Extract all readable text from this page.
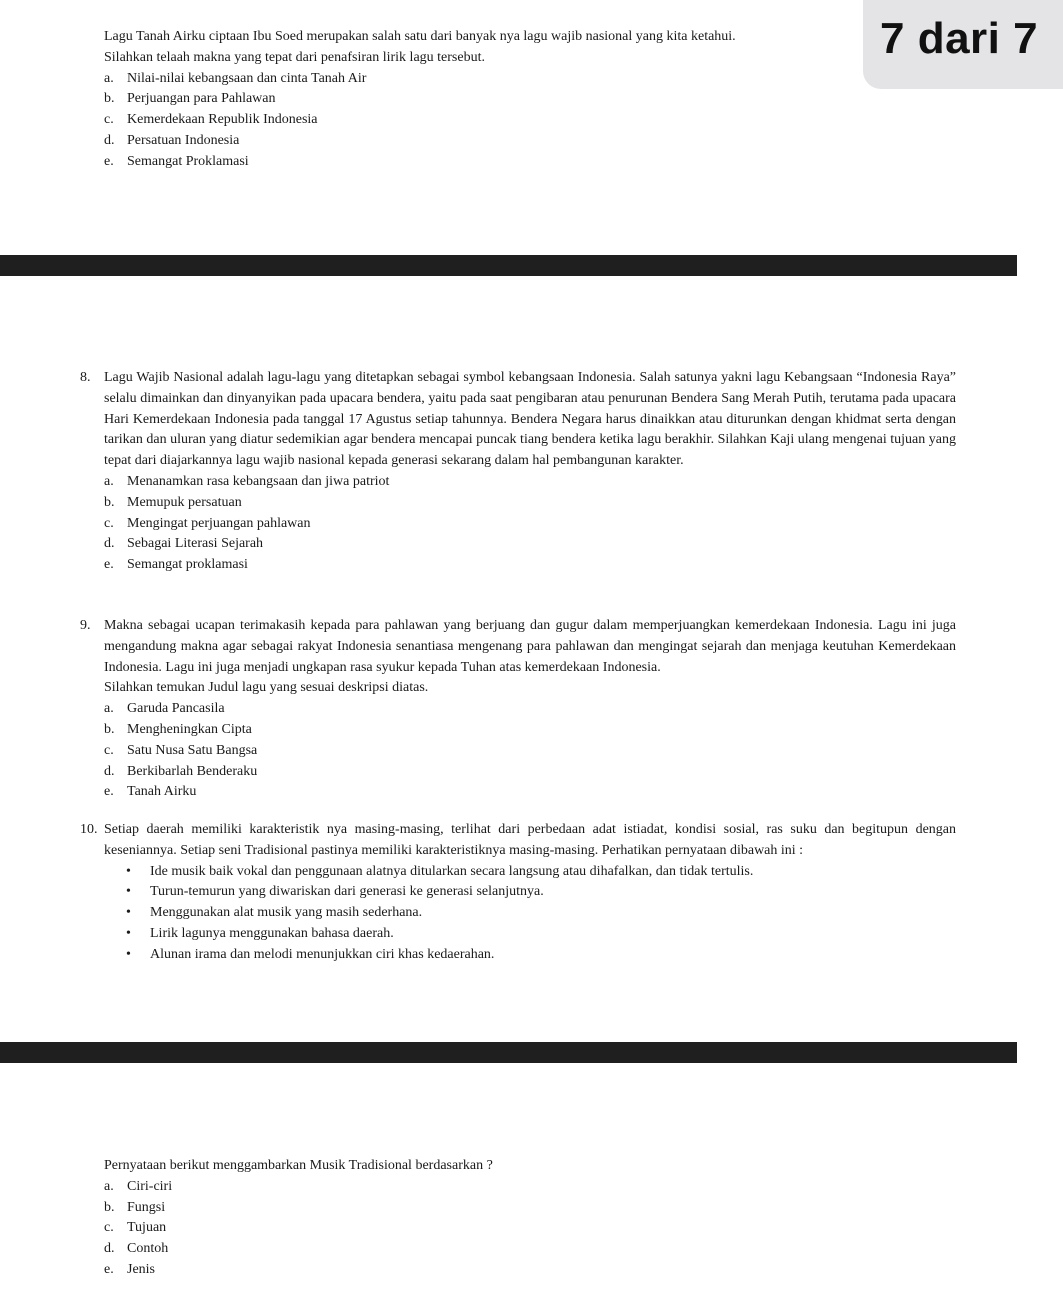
7 dari 7

Lagu Tanah Airku ciptaan Ibu Soed merupakan salah satu dari banyak nya lagu wajib nasional yang kita ketahui.

Silahkan telaah makna yang tepat dari penafsiran lirik lagu tersebut.

a. Nilai-nilai kebangsaan dan cinta Tanah Air
b. Perjuangan para Pahlawan
c. Kemerdekaan Republik Indonesia
d. Persatuan Indonesia
e. Semangat Proklamasi
8. Lagu Wajib Nasional adalah lagu-lagu yang ditetapkan sebagai symbol kebangsaan Indonesia. Salah satunya yakni lagu Kebangsaan “Indonesia Raya” selalu dimainkan dan dinyanyikan pada upacara bendera, yaitu pada saat pengibaran atau penurunan Bendera Sang Merah Putih, terutama pada upacara Hari Kemerdekaan Indonesia pada tanggal 17 Agustus setiap tahunnya. Bendera Negara harus dinaikkan atau diturunkan dengan khidmat serta dengan tarikan dan uluran yang diatur sedemikian agar bendera mencapai puncak tiang bendera ketika lagu berakhir. Silahkan Kaji ulang mengenai tujuan yang tepat dari diajarkannya lagu wajib nasional kepada generasi sekarang dalam hal pembangunan karakter.

a. Menanamkan rasa kebangsaan dan jiwa patriot
b. Memupuk persatuan
c. Mengingat perjuangan pahlawan
d. Sebagai Literasi Sejarah
e. Semangat proklamasi
9. Makna sebagai ucapan terimakasih kepada para pahlawan yang berjuang dan gugur dalam memperjuangkan kemerdekaan Indonesia. Lagu ini juga mengandung makna agar sebagai rakyat Indonesia senantiasa mengenang para pahlawan dan mengingat sejarah dan menjaga keutuhan Kemerdekaan Indonesia. Lagu ini juga menjadi ungkapan rasa syukur kepada Tuhan atas kemerdekaan Indonesia.

Silahkan temukan Judul lagu yang sesuai deskripsi diatas.

a. Garuda Pancasila
b. Mengheningkan Cipta
c. Satu Nusa Satu Bangsa
d. Berkibarlah Benderaku
e. Tanah Airku
10. Setiap daerah memiliki karakteristik nya masing-masing, terlihat dari perbedaan adat istiadat, kondisi sosial, ras suku dan begitupun dengan keseniannya. Setiap seni Tradisional pastinya memiliki karakteristiknya masing-masing. Perhatikan pernyataan dibawah ini :

•	Ide musik baik vokal dan penggunaan alatnya ditularkan secara langsung atau dihafalkan, dan tidak tertulis.
•	Turun-temurun yang diwariskan dari generasi ke generasi selanjutnya.
•	Menggunakan alat musik yang masih sederhana.
•	Lirik lagunya menggunakan bahasa daerah.
•	Alunan irama dan melodi menunjukkan ciri khas kedaerahan.

Pernyataan berikut menggambarkan Musik Tradisional berdasarkan ?

a. Ciri-ciri
b. Fungsi
c. Tujuan
d. Contoh
e. Jenis
